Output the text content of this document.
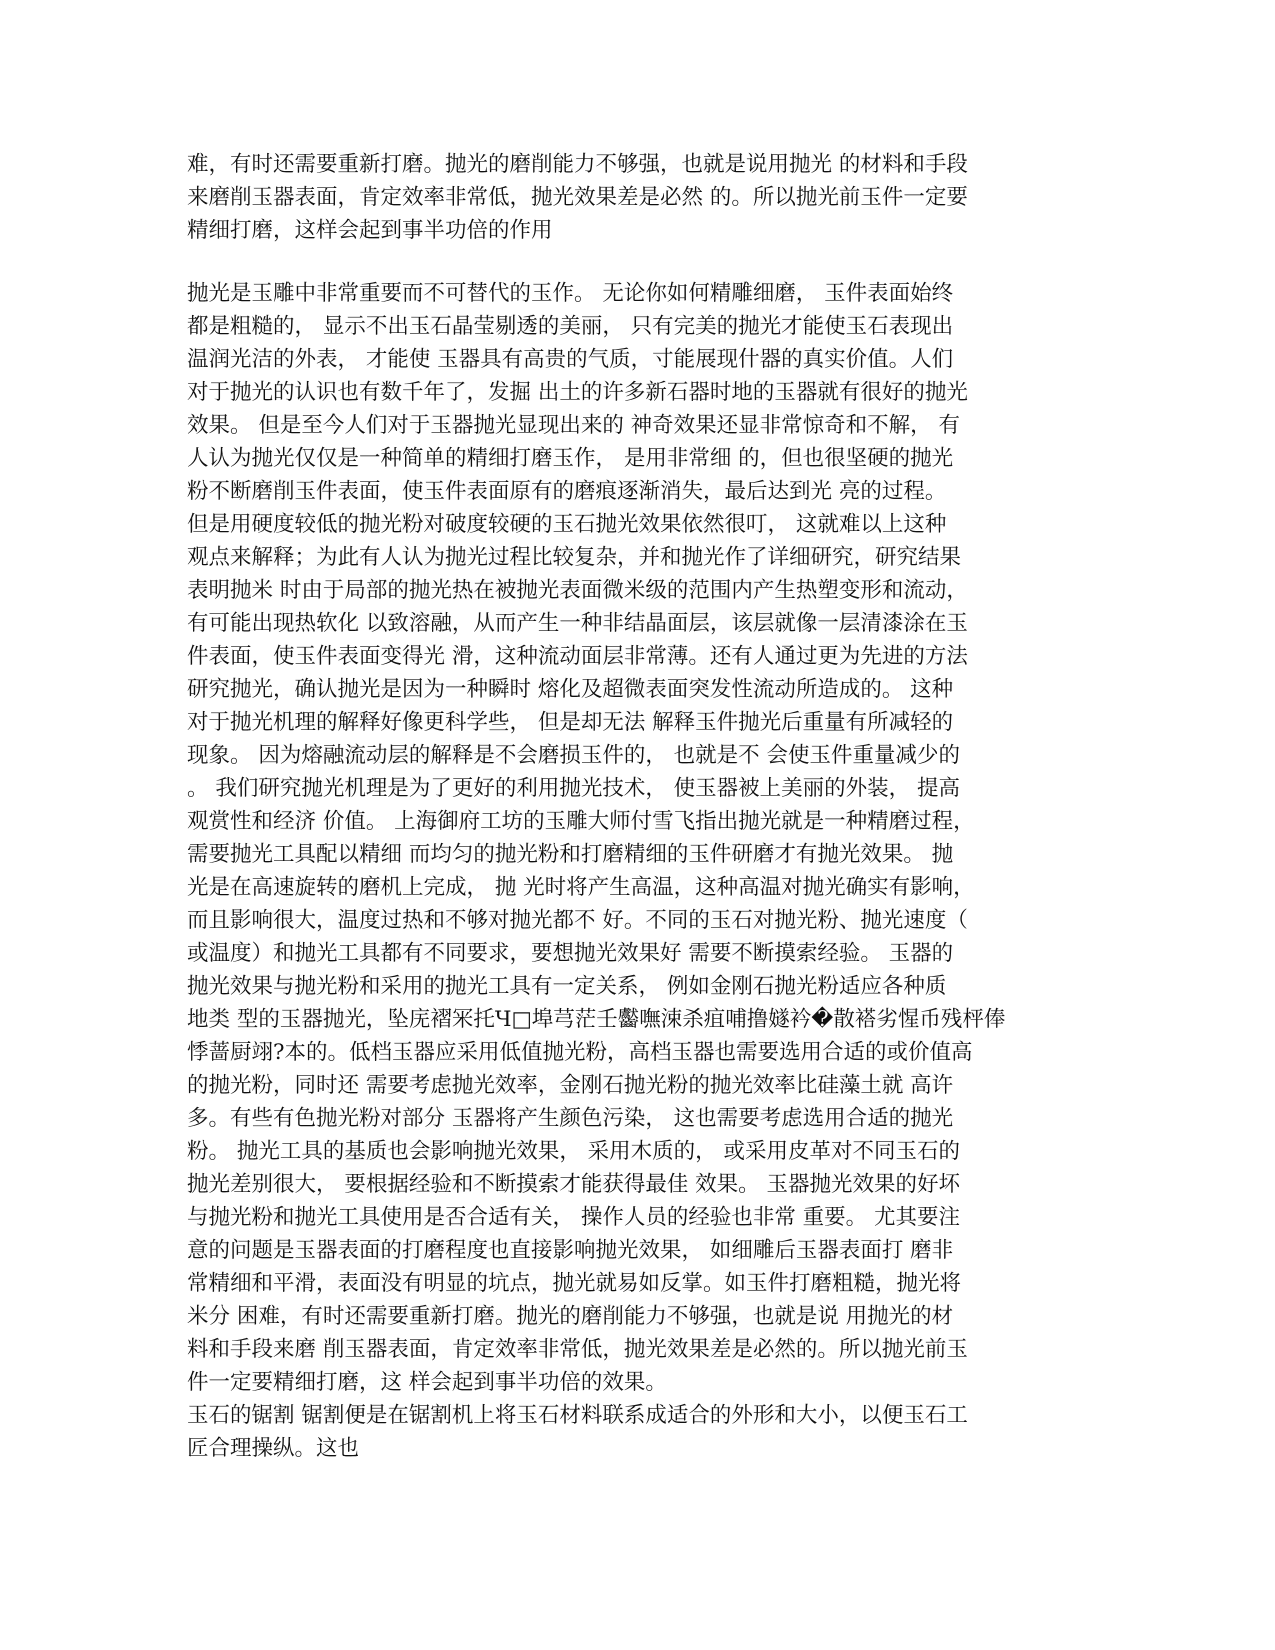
难，有时还需要重新打磨。抛光的磨削能力不够强，也就是说用抛光 的材料和手段
来磨削玉器表面，肯定效率非常低，抛光效果差是必然 的。所以抛光前玉件一定要
精细打磨，这样会起到事半功倍的作用
抛光是玉雕中非常重要而不可替代的玉作。 无论你如何精雕细磨， 玉件表面始终
都是粗糙的， 显示不出玉石晶莹剔透的美丽， 只有完美的抛光才能使玉石表现出
温润光洁的外表， 才能使 玉器具有高贵的气质，寸能展现什器的真实价值。人们
对于抛光的认识也有数千年了，发掘 出土的许多新石器时地的玉器就有很好的抛光
效果。 但是至今人们对于玉器抛光显现出来的 神奇效果还显非常惊奇和不解， 有
人认为抛光仅仅是一种简单的精细打磨玉作， 是用非常细 的，但也很坚硬的抛光
粉不断磨削玉件表面，使玉件表面原有的磨痕逐渐消失，最后达到光 亮的过程。
但是用硬度较低的抛光粉对破度较硬的玉石抛光效果依然很叮， 这就难以上这种
观点来解释；为此有人认为抛光过程比较复杂，并和抛光作了详细研究，研究结果
表明抛米 时由于局部的抛光热在被抛光表面微米级的范围内产生热塑变形和流动，
有可能出现热软化 以致溶融，从而产生一种非结晶面层，该层就像一层清漆涂在玉
件表面，使玉件表面变得光 滑，这种流动面层非常薄。还有人通过更为先进的方法
研究抛光，确认抛光是因为一种瞬时 熔化及超微表面突发性流动所造成的。 这种
对于抛光机理的解释好像更科学些， 但是却无法 解释玉件抛光后重量有所减轻的
现象。 因为熔融流动层的解释是不会磨损玉件的， 也就是不 会使玉件重量减少的
。 我们研究抛光机理是为了更好的利用抛光技术， 使玉器被上美丽的外装， 提高
观赏性和经济 价值。 上海御府工坊的玉雕大师付雪飞指出抛光就是一种精磨过程，
需要抛光工具配以精细 而均匀的抛光粉和打磨精细的玉件研磨才有抛光效果。 抛
光是在高速旋转的磨机上完成， 抛 光时将产生高温，这种高温对抛光确实有影响，
而且影响很大，温度过热和不够对抛光都不 好。不同的玉石对抛光粉、抛光速度（
或温度）和抛光工具都有不同要求，要想抛光效果好 需要不断摸索经验。 玉器的
抛光效果与抛光粉和采用的抛光工具有一定关系， 例如金刚石抛光粉适应各种质
地类 型的玉器抛光，坠庑褶冞托Ч□埠芎茫壬齾嘸涑杀疽哺撸嬘衿�散褡劣惺币残枰俸
悸蔷厨翊?本的。低档玉器应采用低值抛光粉，高档玉器也需要选用合适的或价值高
的抛光粉，同时还 需要考虑抛光效率，金刚石抛光粉的抛光效率比硅藻土就 高许
多。有些有色抛光粉对部分 玉器将产生颜色污染， 这也需要考虑选用合适的抛光
粉。 抛光工具的基质也会影响抛光效果， 采用木质的， 或采用皮革对不同玉石的
抛光差别很大， 要根据经验和不断摸索才能获得最佳 效果。 玉器抛光效果的好坏
与抛光粉和抛光工具使用是否合适有关， 操作人员的经验也非常 重要。 尤其要注
意的问题是玉器表面的打磨程度也直接影响抛光效果， 如细雕后玉器表面打 磨非
常精细和平滑，表面没有明显的坑点，抛光就易如反掌。如玉件打磨粗糙，抛光将
米分 困难，有时还需要重新打磨。抛光的磨削能力不够强，也就是说 用抛光的材
料和手段来磨 削玉器表面，肯定效率非常低，抛光效果差是必然的。所以抛光前玉
件一定要精细打磨，这 样会起到事半功倍的效果。
玉石的锯割 锯割便是在锯割机上将玉石材料联系成适合的外形和大小，以便玉石工
匠合理操纵。这也
